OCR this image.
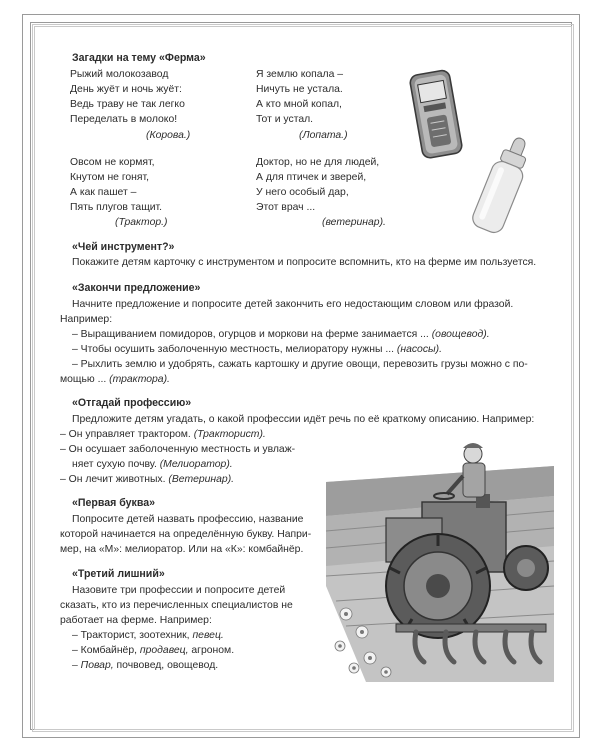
Загадки на тему «Ферма»
Рыжий молокозавод
День жуёт и ночь жуёт:
Ведь траву не так легко
Переделать в молоко!
(Корова.)
Я землю копала –
Ничуть не устала.
А кто мной копал,
Тот и устал.
(Лопата.)
Овсом не кормят,
Кнутом не гонят,
А как пашет –
Пять плугов тащит.
(Трактор.)
Доктор, но не для людей,
А для птичек и зверей,
У него особый дар,
Этот врач ...
(ветеринар).
«Чей инструмент?»
Покажите детям карточку с инструментом и попросите вспомнить, кто на ферме им пользуется.
«Закончи предложение»
Начните предложение и попросите детей закончить его недостающим словом или фразой.
Например:
– Выращиванием помидоров, огурцов и моркови на ферме занимается ... (овощевод).
– Чтобы осушить заболоченную местность, мелиоратору нужны ... (насосы).
– Рыхлить землю и удобрять, сажать картошку и другие овощи, перевозить грузы можно с по-
мощью ... (трактора).
«Отгадай профессию»
Предложите детям угадать, о какой профессии идёт речь по её краткому описанию. Например:
– Он управляет трактором. (Тракторист).
– Он осушает заболоченную местность и увлаж-
няет сухую почву. (Мелиоратор).
– Он лечит животных. (Ветеринар).
«Первая буква»
Попросите детей назвать профессию, название
которой начинается на определённую букву. Напри-
мер, на «М»: мелиоратор. Или на «К»: комбайнёр.
«Третий лишний»
Назовите три профессии и попросите детей
сказать, кто из перечисленных специалистов не
работает на ферме. Например:
– Тракторист, зоотехник, певец.
– Комбайнёр, продавец, агроном.
– Повар, почвовед, овощевод.
